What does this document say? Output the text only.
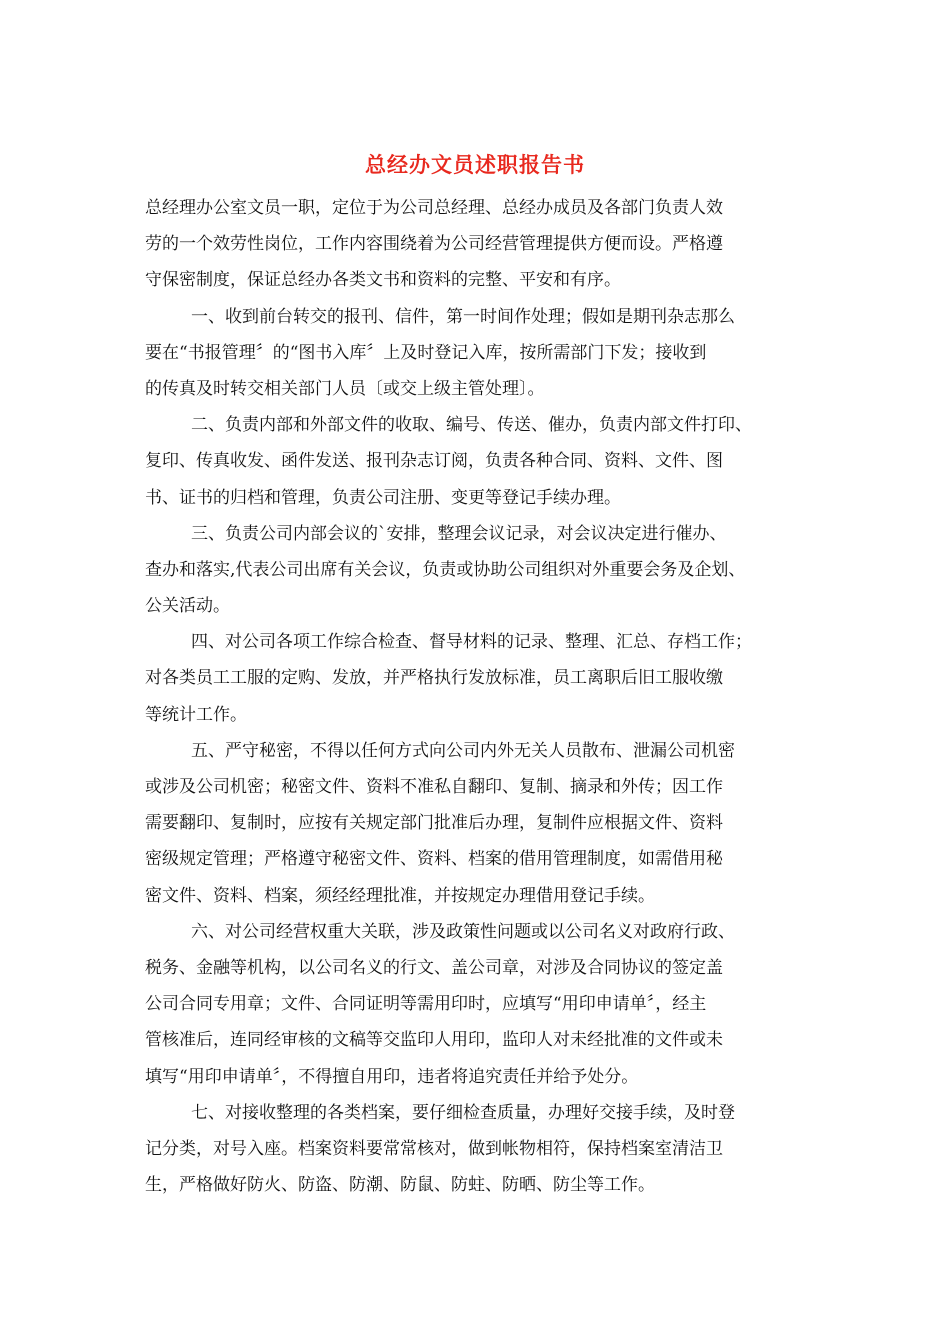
总经办文员述职报告书
总经理办公室文员一职，定位于为公司总经理、总经办成员及各部门负责人效
劳的一个效劳性岗位，工作内容围绕着为公司经营管理提供方便而设。严格遵
守保密制度，保证总经办各类文书和资料的完整、平安和有序。
一、收到前台转交的报刊、信件，第一时间作处理；假如是期刊杂志那么
要在“书报管理〞的“图书入库〞上及时登记入库，按所需部门下发；接收到
的传真及时转交相关部门人员〔或交上级主管处理〕。
二、负责内部和外部文件的收取、编号、传送、催办，负责内部文件打印、
复印、传真收发、函件发送、报刊杂志订阅，负责各种合同、资料、文件、图
书、证书的归档和管理，负责公司注册、变更等登记手续办理。
三、负责公司内部会议的`安排，整理会议记录，对会议决定进行催办、
查办和落实,代表公司出席有关会议，负责或协助公司组织对外重要会务及企划、
公关活动。
四、对公司各项工作综合检查、督导材料的记录、整理、汇总、存档工作；
对各类员工工服的定购、发放，并严格执行发放标准，员工离职后旧工服收缴
等统计工作。
五、严守秘密，不得以任何方式向公司内外无关人员散布、泄漏公司机密
或涉及公司机密；秘密文件、资料不准私自翻印、复制、摘录和外传；因工作
需要翻印、复制时，应按有关规定部门批准后办理，复制件应根据文件、资料
密级规定管理；严格遵守秘密文件、资料、档案的借用管理制度，如需借用秘
密文件、资料、档案，须经经理批准，并按规定办理借用登记手续。
六、对公司经营权重大关联，涉及政策性问题或以公司名义对政府行政、
税务、金融等机构，以公司名义的行文、盖公司章，对涉及合同协议的签定盖
公司合同专用章；文件、合同证明等需用印时，应填写“用印申请单〞，经主
管核准后，连同经审核的文稿等交监印人用印，监印人对未经批准的文件或未
填写“用印申请单〞，不得擅自用印，违者将追究责任并给予处分。
七、对接收整理的各类档案，要仔细检查质量，办理好交接手续，及时登
记分类，对号入座。档案资料要常常核对，做到帐物相符，保持档案室清洁卫
生，严格做好防火、防盗、防潮、防鼠、防蛀、防晒、防尘等工作。
